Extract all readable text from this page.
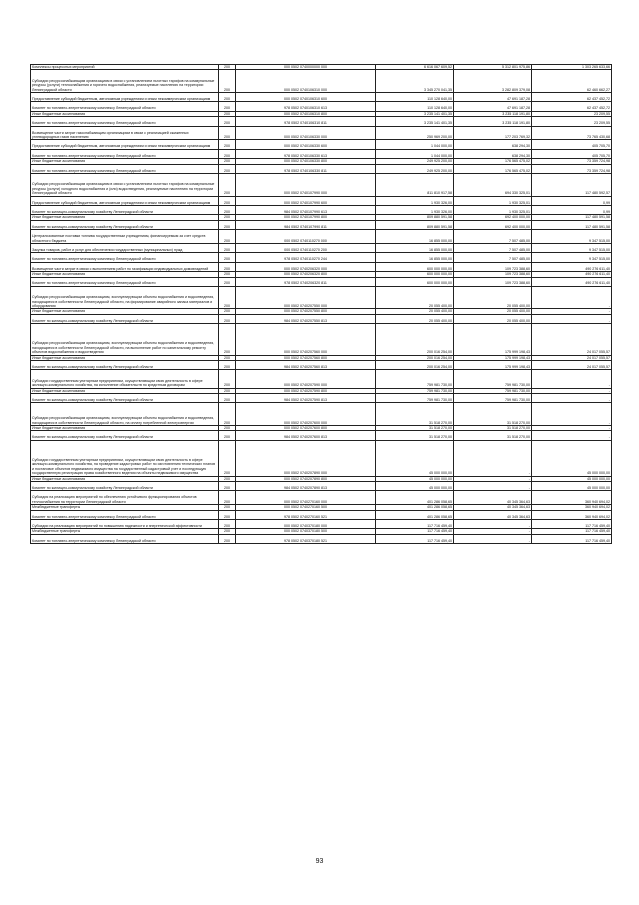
Комплексы процессных мероприятий	200	000 0502 0740000000 000	6 616 067 609,52	5 312 801 975,86	1 303 265 633,66
Субсидии ресурсоснабжающим организациям в связи с установлением льготных тарифов на коммунальные ресурсы (услуги) теплоснабжения и горячего водоснабжения, реализуемые населению на территории Ленинградской области	200	000 0502 0740106310 000	3 345 270 041,35	3 282 809 379,08	62 460 662,27
Предоставление субсидий бюджетным, автономным учреждениям и иным некоммерческим организациям	200	000 0502 0740106310 600	110 128 640,00	47 691 187,28	62 437 452,72
Комитет по топливно-энергетическому комплексу Ленинградской области	200	978 0502 0740106310 613	110 128 640,00	47 691 187,28	62 437 452,72
Иные бюджетные ассигнования	200	000 0502 0740106310 800	3 235 141 401,35	3 235 118 191,80	23 209,55
Комитет по топливно-энергетическому комплексу Ленинградской области	200	978 0502 0740106310 811	3 235 141 401,35	3 235 118 191,80	23 209,55
Возмещение части затрат газоснабжающим организациям в связи с реализацией сжиженных углеводородных газов населению	200	000 0502 0740106330 000	250 969 200,00	177 203 769,32	73 765 430,68
Предоставление субсидий бюджетным, автономным учреждениям и иным некоммерческим организациям	200	000 0502 0740106330 600	1 044 000,00	638 294,30	405 705,70
Комитет по топливно-энергетическому комплексу Ленинградской области	200	978 0502 0740106330 613	1 044 000,00	638 294,30	405 705,70
Иные бюджетные ассигнования	200	000 0502 0740106330 800	249 925 200,00	176 565 475,02	73 359 724,98
Комитет по топливно-энергетическому комплексу Ленинградской области	200	978 0502 0740106330 811	249 925 200,00	176 565 475,02	73 359 724,98
Субсидии ресурсоснабжающим организациям в связи с установлением льготных тарифов на коммунальные ресурсы (услуги) холодного водоснабжения и (или) водоотведения, реализуемые населению на территории Ленинградской области	200	000 0502 0740107990 000	811 810 917,58	694 330 325,01	117 480 592,57
Предоставление субсидий бюджетным, автономным учреждениям и иным некоммерческим организациям	200	000 0502 0740107990 600	1 930 326,00	1 930 325,01	0,99
Комитет по жилищно-коммунальному хозяйству Ленинградской области	200	984 0502 0740107990 613	1 930 326,00	1 930 325,01	0,99
Иные бюджетные ассигнования	200	000 0502 0740107990 800	809 880 591,58	692 400 000,00	117 480 591,58
Комитет по жилищно-коммунальному хозяйству Ленинградской области	200	984 0502 0740107990 811	809 880 591,58	692 400 000,00	117 480 591,58
Централизованные поставки топлива государственным учреждениям, финансируемым за счет средств областного бюджета	200	000 0502 0740110270 000	16 855 000,00	7 507 485,00	9 347 515,00
Закупка товаров, работ и услуг для обеспечения государственных (муниципальных) нужд	200	000 0502 0740110270 200	16 855 000,00	7 507 485,00	9 347 515,00
Комитет по топливно-энергетическому комплексу Ленинградской области	200	978 0502 0740110270 244	16 855 000,00	7 507 485,00	9 347 515,00
Возмещение части затрат в связи с выполнением работ по газификации индивидуальных домовладений	200	000 0502 0740206320 000	600 000 000,00	109 723 388,60	490 276 611,40
Иные бюджетные ассигнования	200	000 0502 0740206320 800	600 000 000,00	109 723 388,60	490 276 611,40
Комитет по топливно-энергетическому комплексу Ленинградской области	200	978 0502 0740206320 811	600 000 000,00	109 723 388,60	490 276 611,40
Субсидии ресурсоснабжающим организациям, эксплуатирующим объекты водоснабжения и водоотведения, находящиеся в собственности Ленинградской области, на формирование аварийного запаса материалов и оборудования	200	000 0502 0740207550 000	20 055 400,00	20 055 400,00	-
Иные бюджетные ассигнования	200	000 0502 0740207550 800	20 055 400,00	20 055 400,00	-
Комитет по жилищно-коммунальному хозяйству Ленинградской области	200	984 0502 0740207550 813	20 055 400,00	20 055 400,00	-
Субсидии ресурсоснабжающим организациям, эксплуатирующим объекты водоснабжения и водоотведения, находящиеся в собственности Ленинградской области, на выполнение работ по капитальному ремонту объектов водоснабжения и водоотведения	200	000 0502 0740207560 000	200 016 254,00	175 999 198,43	24 017 055,57
Иные бюджетные ассигнования	200	000 0502 0740207560 800	200 016 254,00	175 999 198,43	24 017 055,57
Комитет по жилищно-коммунальному хозяйству Ленинградской области	200	984 0502 0740207560 813	200 016 254,00	175 999 198,43	24 017 055,57
Субсидии государственным унитарным предприятиям, осуществляющим свою деятельность в сфере жилищно-коммунального хозяйства, на исполнение обязательств по кредитным договорам	200	000 0502 0740207590 000	759 981 730,00	759 981 730,00	-
Иные бюджетные ассигнования	200	000 0502 0740207590 800	759 981 730,00	759 981 730,00	-
Комитет по жилищно-коммунальному хозяйству Ленинградской области	200	984 0502 0740207590 813	759 981 730,00	759 981 730,00	-
Субсидии ресурсоснабжающим организациям, эксплуатирующим объекты водоснабжения и водоотведения, находящиеся в собственности Ленинградской области, на оплату потребленной электроэнергии	200	000 0502 0740207600 000	31 518 270,00	31 518 270,00	-
Иные бюджетные ассигнования	200	000 0502 0740207600 800	31 518 270,00	31 518 270,00	-
Комитет по жилищно-коммунальному хозяйству Ленинградской области	200	984 0502 0740207600 813	31 518 270,00	31 518 270,00	-
Субсидии государственным унитарным предприятиям, осуществляющим свою деятельность в сфере жилищно-коммунального хозяйства, на проведение кадастровых работ по изготовлению технических планов и постановке объектов недвижимого имущества на государственный кадастровый учет и последующую государственную регистрацию права хозяйственного ведения на объекты недвижимого имущества	200	000 0502 0740207890 000	45 000 000,00	-	45 000 000,00
Иные бюджетные ассигнования	200	000 0502 0740207890 800	45 000 000,00	-	45 000 000,00
Комитет по жилищно-коммунальному хозяйству Ленинградской области	200	984 0502 0740207890 813	45 000 000,00	-	45 000 000,00
Субсидия на реализацию мероприятий по обеспечению устойчивого функционирования объектов теплоснабжения на территории Ленинградской области	200	000 0502 0740270160 000	401 286 058,65	40 345 364,63	360 940 694,02
Межбюджетные трансферты	200	000 0502 0740270160 500	401 286 058,65	40 345 364,63	360 940 694,02
Комитет по топливно-энергетическому комплексу Ленинградской области	200	978 0502 0740270160 521	401 286 058,65	40 345 364,63	360 940 694,02
Субсидии на реализацию мероприятий по повышению надежности и энергетической эффективности	200	000 0502 0740370180 000	117 716 459,40	-	117 716 459,40
Межбюджетные трансферты	200	000 0502 0740370180 500	117 716 459,40	-	117 716 459,40
Комитет по топливно-энергетическому комплексу Ленинградской области	200	978 0502 0740370180 521	117 716 459,40	-	117 716 459,40
93
